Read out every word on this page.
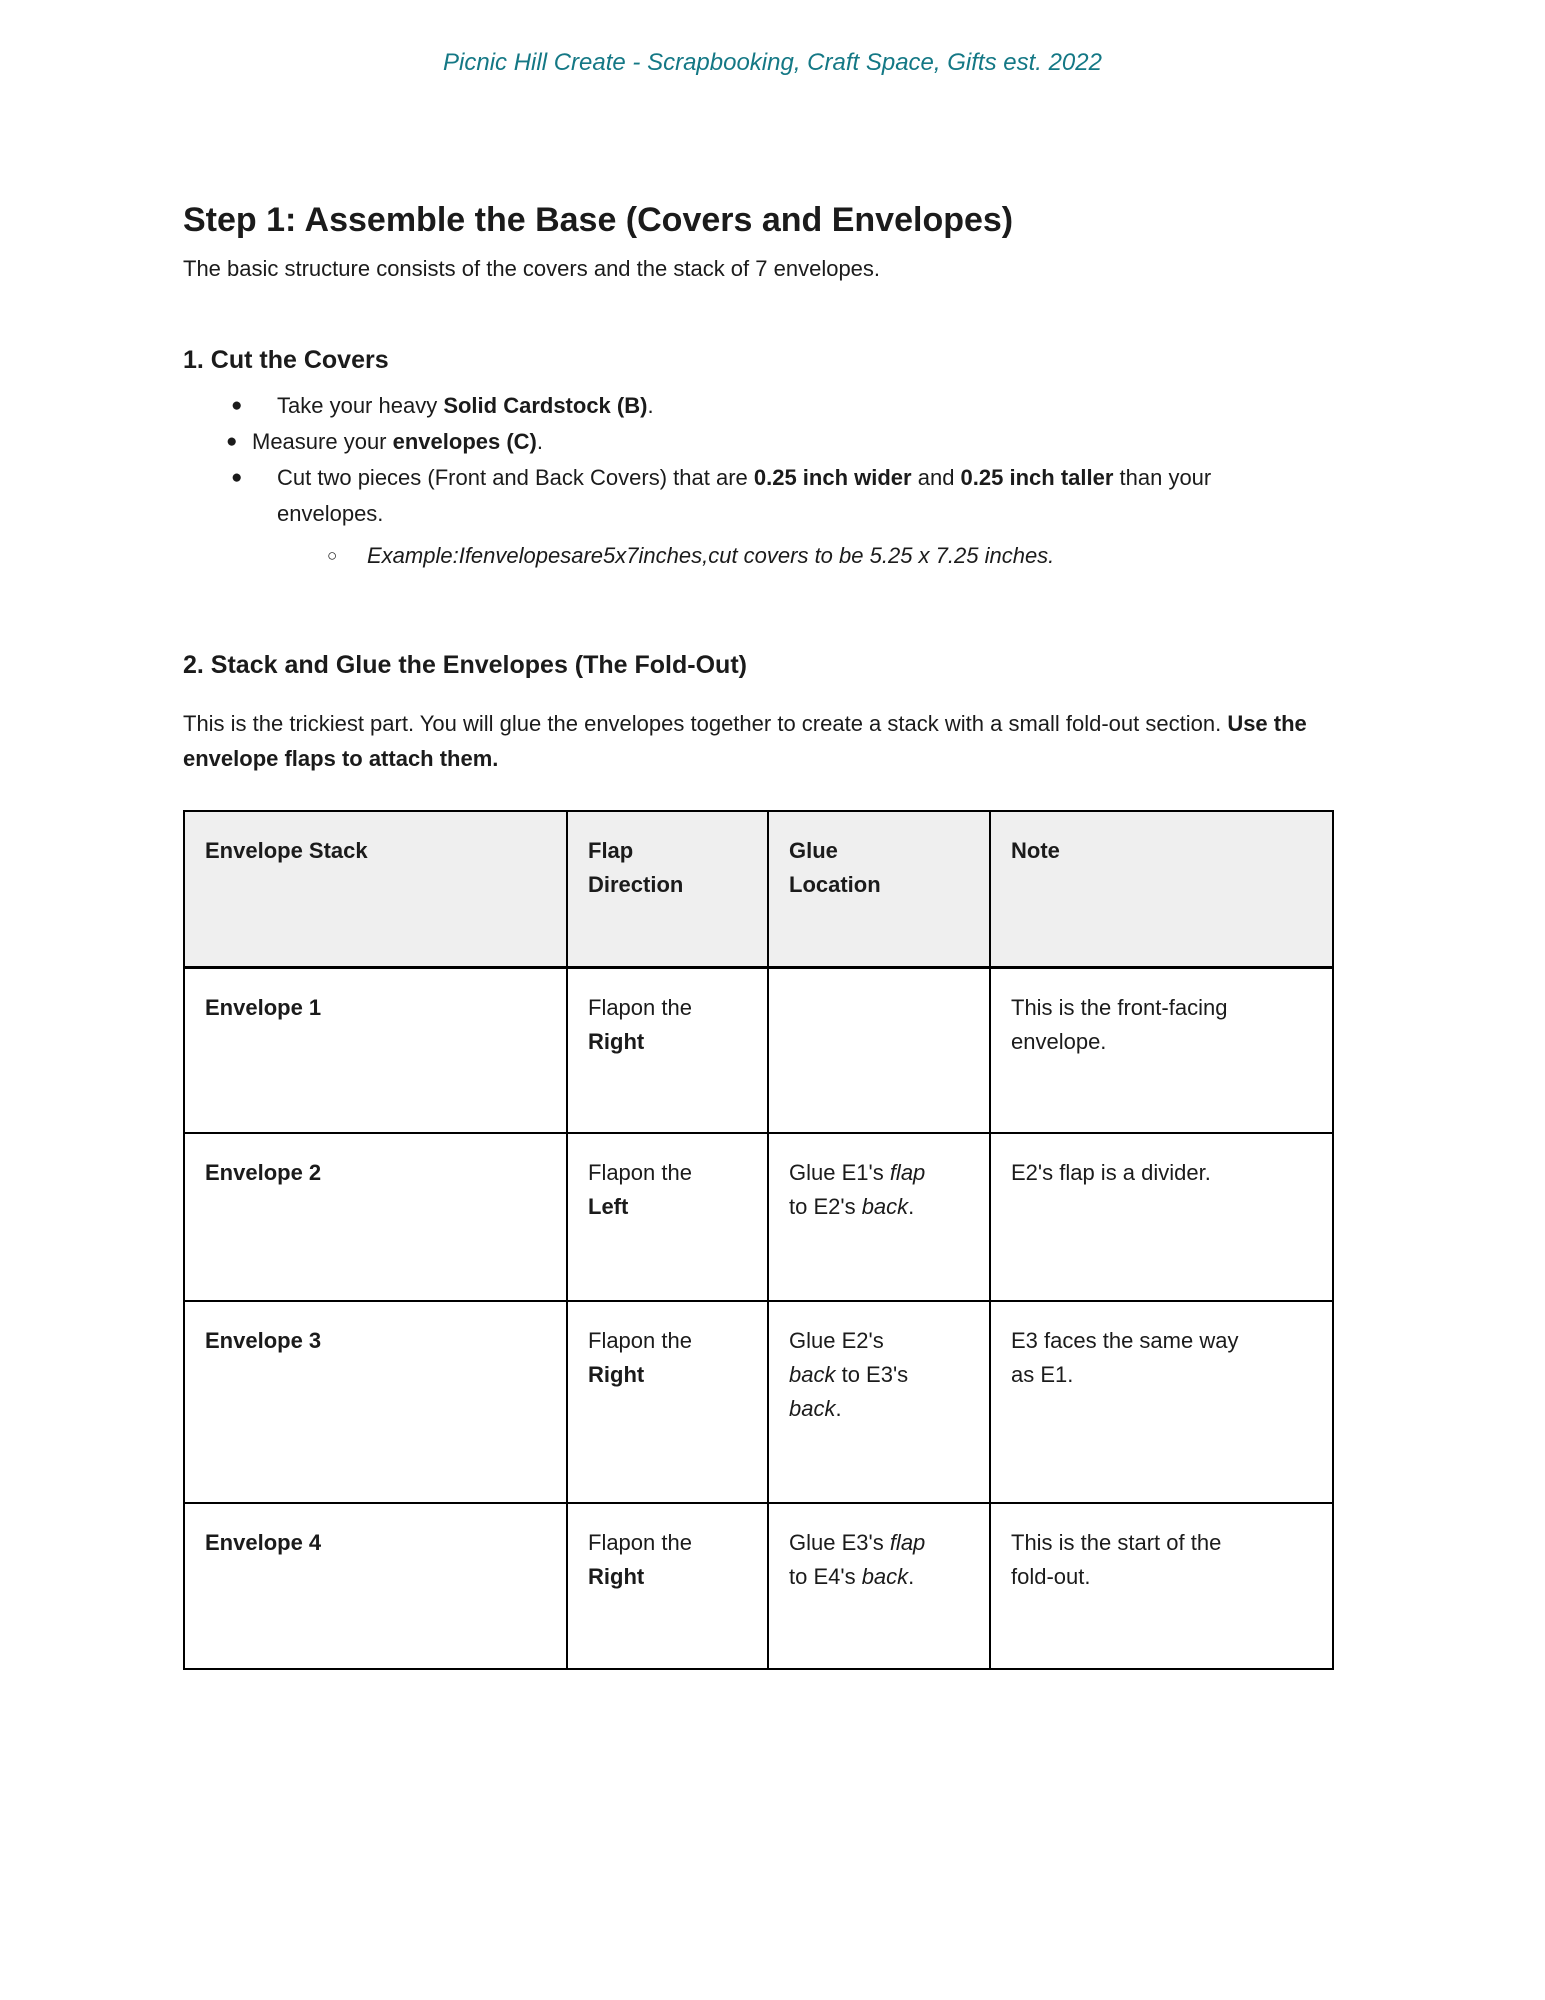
Picnic Hill Create - Scrapbooking, Craft Space, Gifts est. 2022
Step 1: Assemble the Base (Covers and Envelopes)

The basic structure consists of the covers and the stack of 7 envelopes.

1. Cut the Covers
●	Take your heavy Solid Cardstock (B).
● Measure your envelopes (C).
●	Cut two pieces (Front and Back Covers) that are 0.25 inch wider and 0.25 inch taller than your envelopes.
○	Example:Ifenvelopesare5x7inches,cut covers to be 5.25 x 7.25 inches.
2. Stack and Glue the Envelopes (The Fold-Out)

This is the trickiest part. You will glue the envelopes together to create a stack with a small fold-out section. Use the envelope flaps to attach them.

Envelope Stack	Flap Direction	Glue Location	Note
Envelope 1	Flapon the Right		This is the front-facing envelope.

Envelope 2	Flapon the Left	Glue E1's flap to E2's back.	E2's flap is a divider.

Envelope 3	Flapon the Right	Glue E2's back to E3's back.	E3 faces the same way as E1.

Envelope 4	Flapon the Right	Glue E3's flap to E4's back.	This is the start of the fold-out.
